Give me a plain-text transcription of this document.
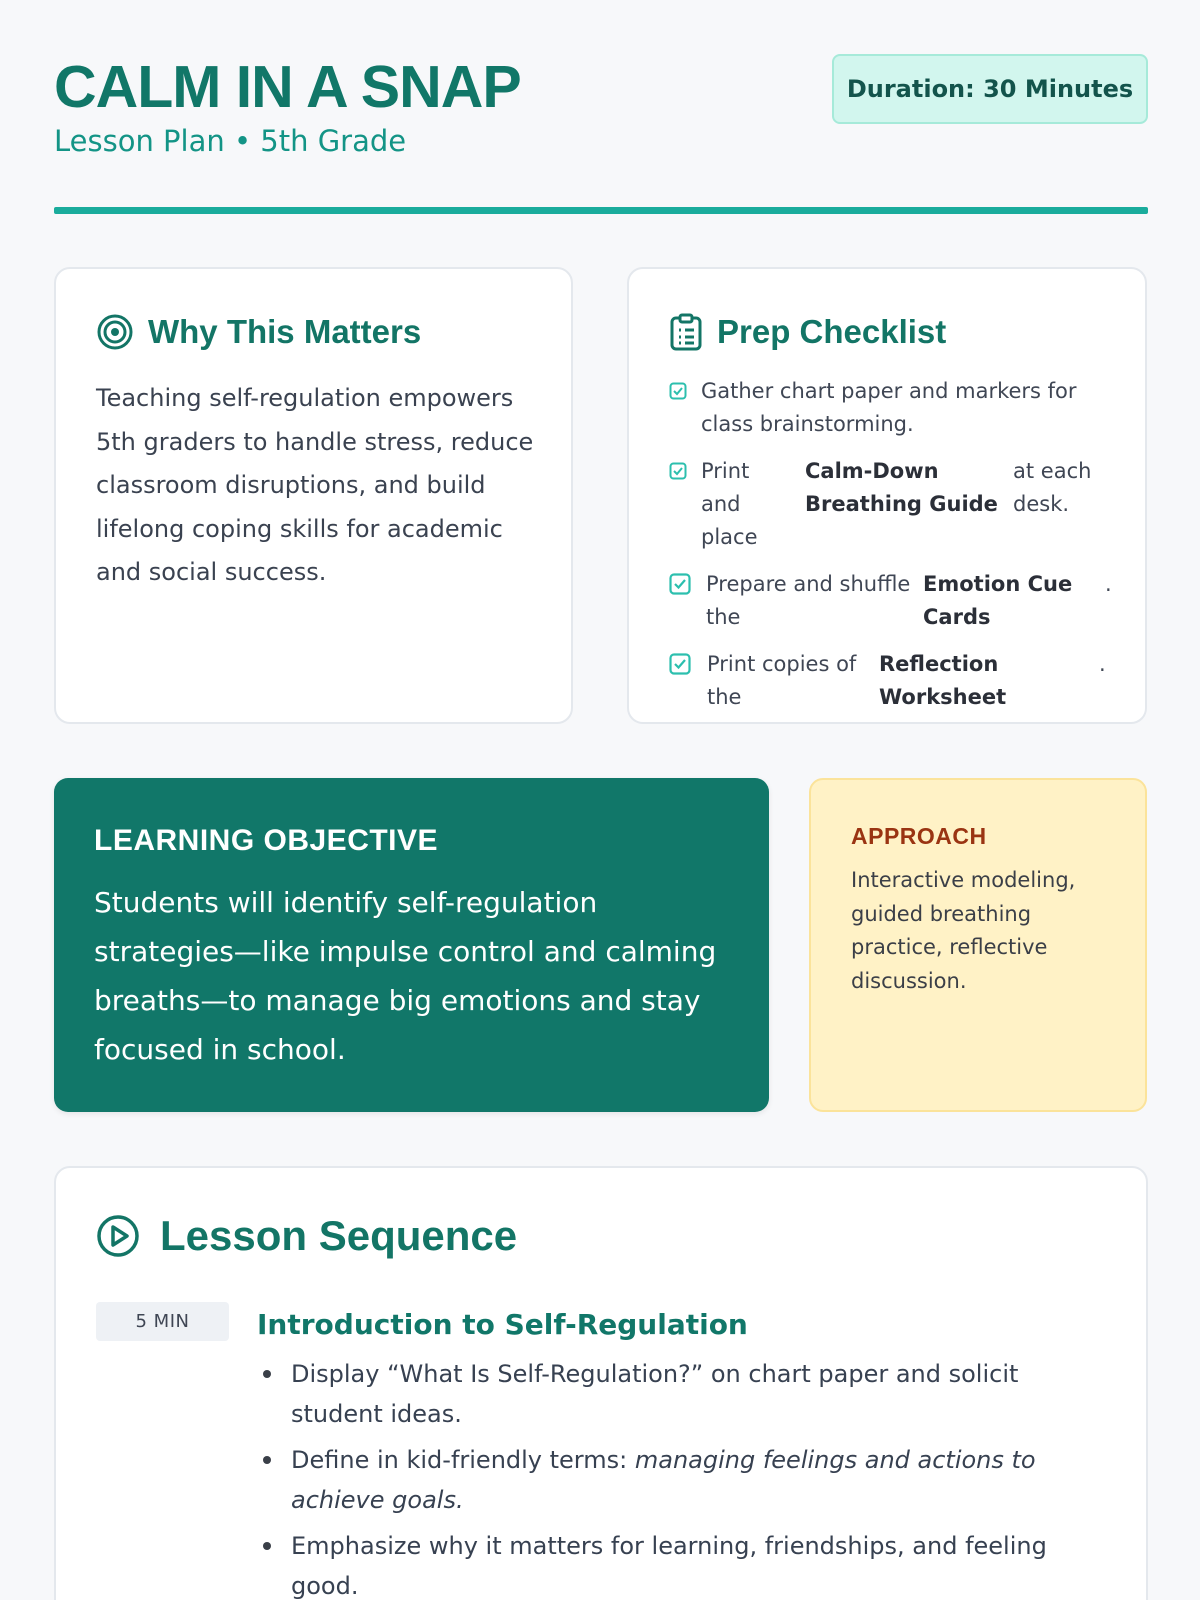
CALM IN A SNAP
Lesson Plan • 5th Grade
Duration: 30 Minutes
Why This Matters

Teaching self-regulation empowers 5th graders to handle stress, reduce classroom disruptions, and build lifelong coping skills for academic and social success.

Prep Checklist
Gather chart paper and markers for class brainstorming.
Print and place
Calm-Down Breathing Guide
at each desk.
Prepare and shuffle the
Emotion Cue Cards
.
Print copies of the
Reflection Worksheet
.
LEARNING OBJECTIVE

Students will identify self-regulation strategies—like impulse control and calming breaths—to manage big emotions and stay focused in school.

APPROACH

Interactive modeling, guided breathing practice, reflective discussion.

Lesson Sequence
5 MIN	Introduction to Self-Regulation
Display “What Is Self-Regulation?” on chart paper and solicit student ideas.
Define in kid-friendly terms: managing feelings and actions to achieve goals.
Emphasize why it matters for learning, friendships, and feeling good.
